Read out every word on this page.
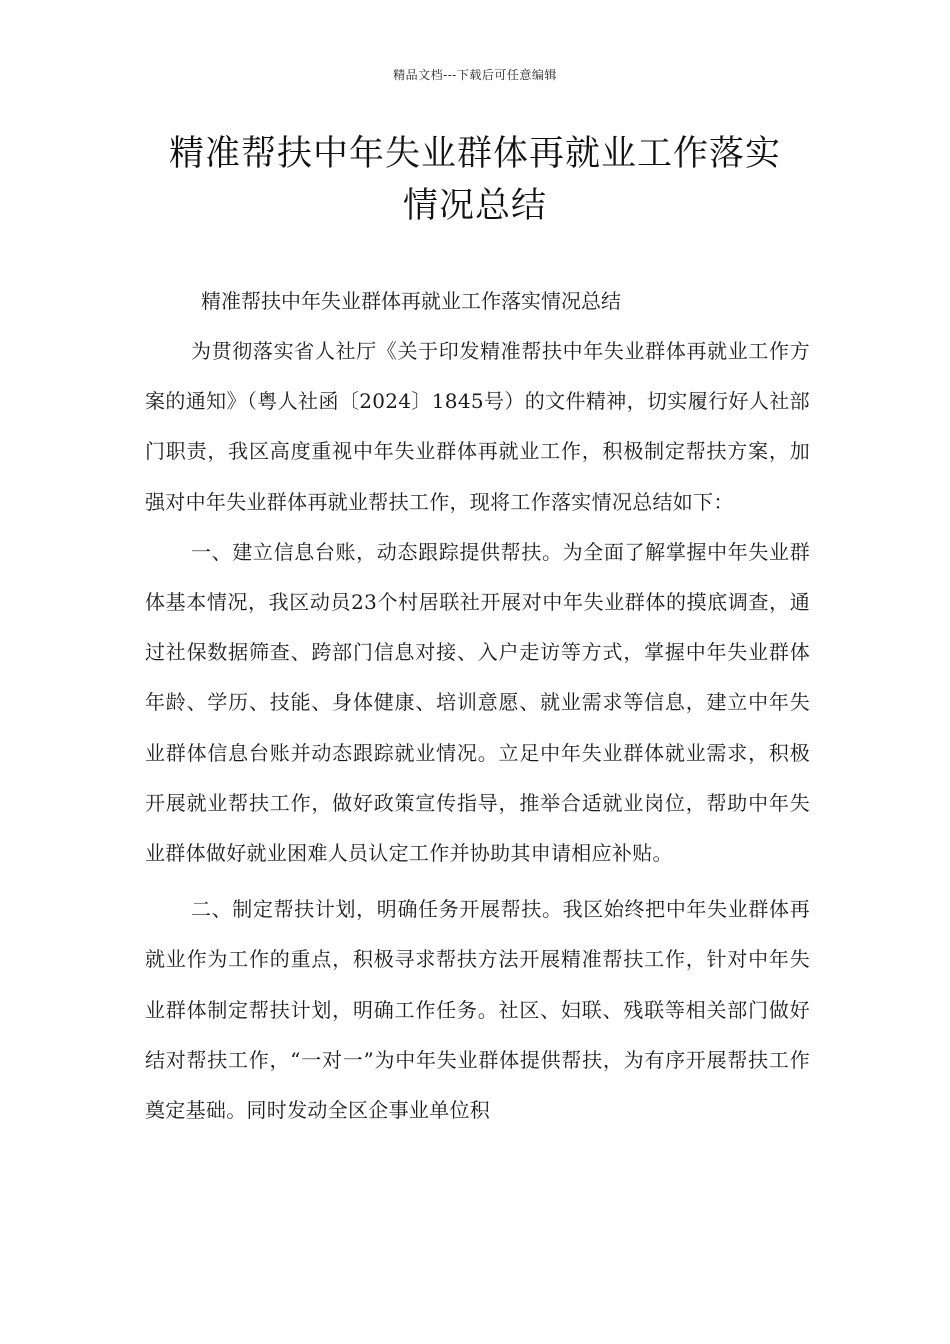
精品文档---下载后可任意编辑
精准帮扶中年失业群体再就业工作落实
情况总结

精准帮扶中年失业群体再就业工作落实情况总结

为贯彻落实省人社厅《关于印发精准帮扶中年失业群体再就业工作方案的通知》（粤人社函〔2024〕1845号）的文件精神，切实履行好人社部门职责，我区高度重视中年失业群体再就业工作，积极制定帮扶方案，加强对中年失业群体再就业帮扶工作，现将工作落实情况总结如下：

一、建立信息台账，动态跟踪提供帮扶。为全面了解掌握中年失业群体基本情况，我区动员23个村居联社开展对中年失业群体的摸底调查，通过社保数据筛查、跨部门信息对接、入户走访等方式，掌握中年失业群体年龄、学历、技能、身体健康、培训意愿、就业需求等信息，建立中年失业群体信息台账并动态跟踪就业情况。立足中年失业群体就业需求，积极开展就业帮扶工作，做好政策宣传指导，推举合适就业岗位，帮助中年失业群体做好就业困难人员认定工作并协助其申请相应补贴。

二、制定帮扶计划，明确任务开展帮扶。我区始终把中年失业群体再就业作为工作的重点，积极寻求帮扶方法开展精准帮扶工作，针对中年失业群体制定帮扶计划，明确工作任务。社区、妇联、残联等相关部门做好结对帮扶工作，“一对一”为中年失业群体提供帮扶，为有序开展帮扶工作奠定基础。同时发动全区企事业单位积
